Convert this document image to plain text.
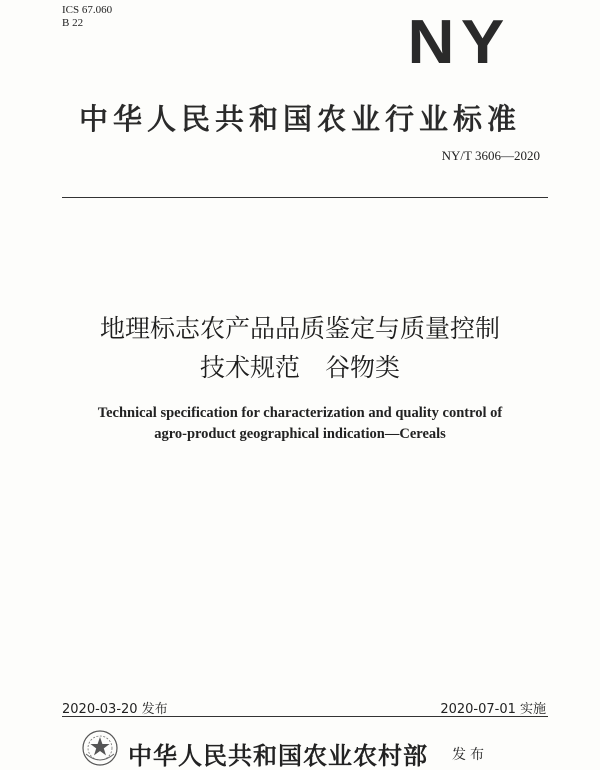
ICS 67.060
B 22	NY
中华人民共和国农业行业标准
NY/T 3606—2020
地理标志农产品品质鉴定与质量控制
技术规范　谷物类
Technical specification for characterization and quality control of
agro-product geographical indication—Cereals
2020-03-20 发布	2020-07-01 实施
中华人民共和国农业农村部 发布
